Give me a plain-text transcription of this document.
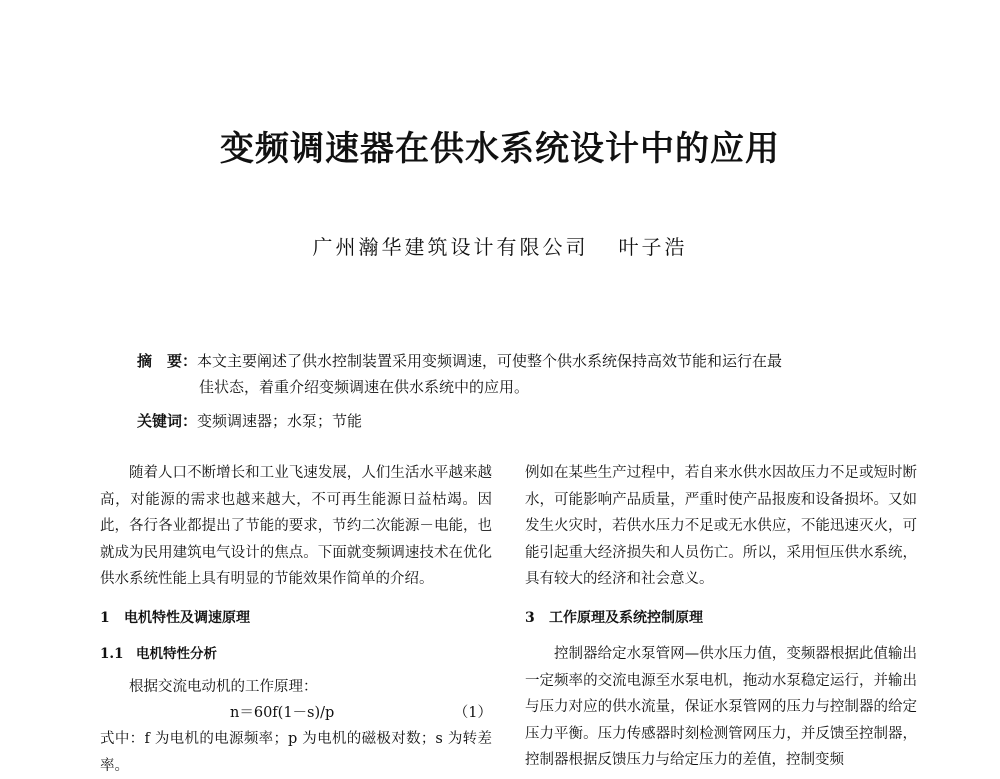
变频调速器在供水系统设计中的应用
广州瀚华建筑设计有限公司 叶子浩
摘　要：本文主要阐述了供水控制装置采用变频调速，可使整个供水系统保持高效节能和运行在最
佳状态，着重介绍变频调速在供水系统中的应用。
关键词：变频调速器；水泵；节能

随着人口不断增长和工业飞速发展，人们生活水平越来越高，对能源的需求也越来越大，不可再生能源日益枯竭。因此，各行各业都提出了节能的要求，节约二次能源－电能，也就成为民用建筑电气设计的焦点。下面就变频调速技术在优化供水系统性能上具有明显的节能效果作简单的介绍。

1 电机特性及调速原理
1.1 电机特性分析
根据交流电动机的工作原理：
n＝60f(1－s)/p	（1）

式中：f 为电机的电源频率；p 为电机的磁极对数；s 为转差率。

例如在某些生产过程中，若自来水供水因故压力不足或短时断水，可能影响产品质量，严重时使产品报废和设备损坏。又如发生火灾时，若供水压力不足或无水供应，不能迅速灭火，可能引起重大经济损失和人员伤亡。所以，采用恒压供水系统，具有较大的经济和社会意义。

3 工作原理及系统控制原理

控制器给定水泵管网—供水压力值，变频器根据此值输出一定频率的交流电源至水泵电机，拖动水泵稳定运行，并输出与压力对应的供水流量，保证水泵管网的压力与控制器的给定压力平衡。压力传感器时刻检测管网压力，并反馈至控制器，控制器根据反馈压力与给定压力的差值，控制变频
